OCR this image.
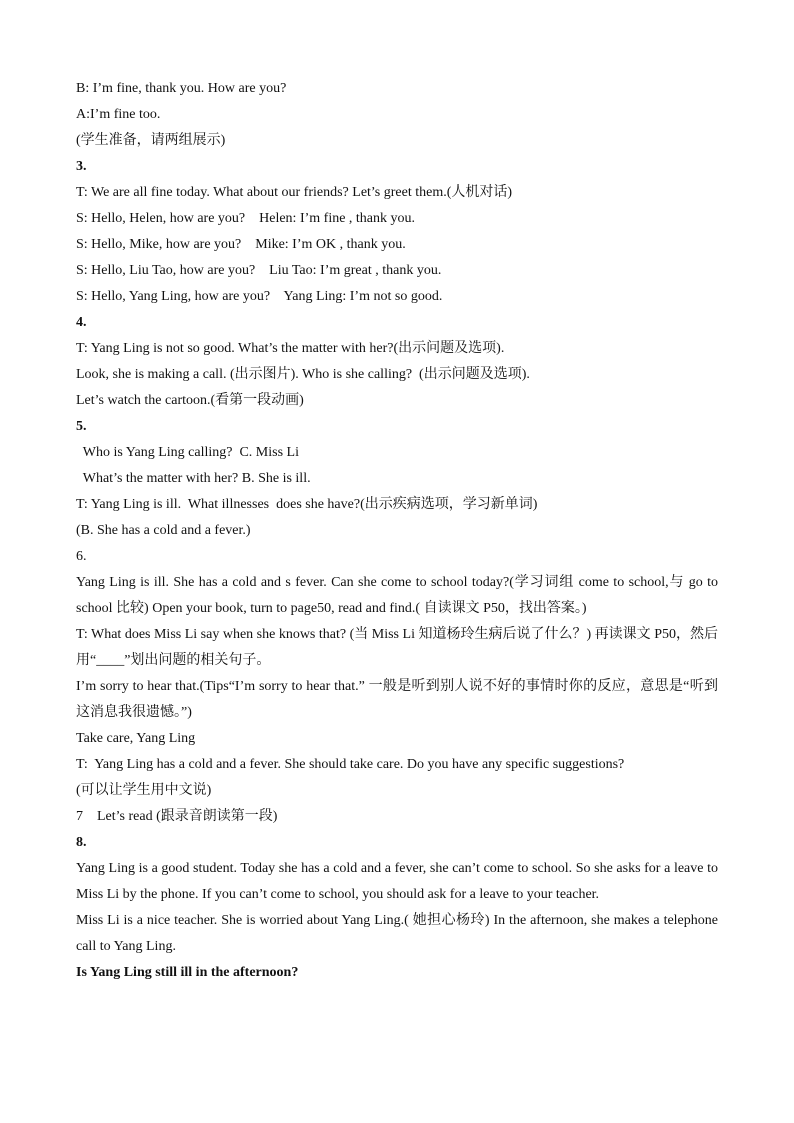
B: I’m fine, thank you. How are you?
A:I’m fine too.
(学生准备，请两组展示)
3.
T: We are all fine today. What about our friends? Let’s greet them.(人机对话)
S: Hello, Helen, how are you?    Helen: I’m fine , thank you.
S: Hello, Mike, how are you?    Mike: I’m OK , thank you.
S: Hello, Liu Tao, how are you?    Liu Tao: I’m great , thank you.
S: Hello, Yang Ling, how are you?    Yang Ling: I’m not so good.
4.
T: Yang Ling is not so good. What’s the matter with her?(出示问题及选项).
Look, she is making a call. (出示图片). Who is she calling?  (出示问题及选项).
Let’s watch the cartoon.(看第一段动画)
5.
Who is Yang Ling calling?  C. Miss Li
What’s the matter with her? B. She is ill.
T: Yang Ling is ill.  What illnesses  does she have?(出示疾病选项，学习新单词)
(B. She has a cold and a fever.)
6.
Yang Ling is ill. She has a cold and s fever. Can she come to school today?(学习词组 come to school,与 go to school 比较) Open your book, turn to page50, read and find.( 自读课文 P50，找出答案。)
T: What does Miss Li say when she knows that? (当 Miss Li 知道杨玲生病后说了什么？) 再读课文 P50，然后用“____”划出问题的相关句子。
I’m sorry to hear that.(Tips“I’m sorry to hear that.” 一般是听到别人说不好的事情时你的反应，意思是“听到这消息我很遗憾。”)
Take care, Yang Ling
T:  Yang Ling has a cold and a fever. She should take care. Do you have any specific suggestions?
(可以让学生用中文说)
7    Let’s read (跟录音朗读第一段)
8.
Yang Ling is a good student. Today she has a cold and a fever, she can’t come to school. So she asks for a leave to Miss Li by the phone. If you can’t come to school, you should ask for a leave to your teacher.
Miss Li is a nice teacher. She is worried about Yang Ling.( 她担心杨玲) In the afternoon, she makes a telephone call to Yang Ling.
Is Yang Ling still ill in the afternoon?
